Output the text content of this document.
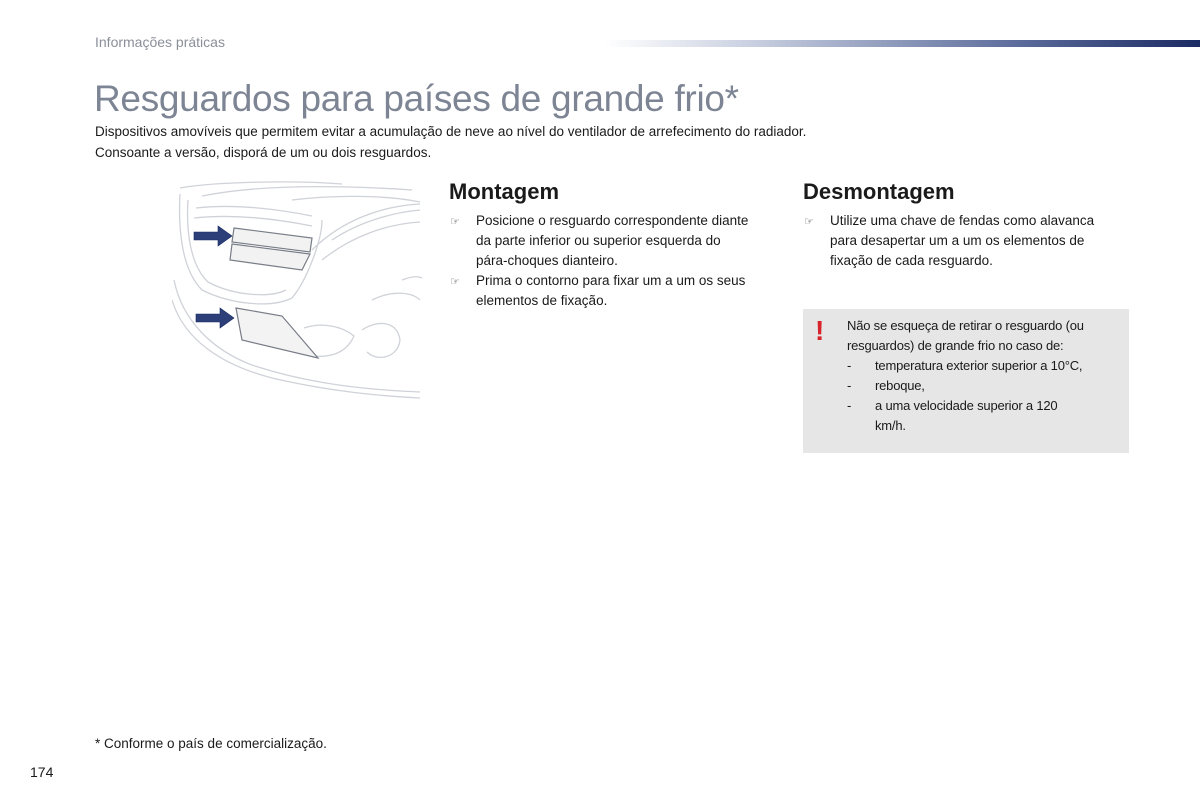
Informações práticas
Resguardos para países de grande frio*
Dispositivos amovíveis que permitem evitar a acumulação de neve ao nível do ventilador de arrefecimento do radiador.
Consoante a versão, disporá de um ou dois resguardos.
Montagem
☞	Posicione o resguardo correspondente diante da parte inferior ou superior esquerda do pára-choques dianteiro.
☞	Prima o contorno para fixar um a um os seus elementos de fixação.
Desmontagem
☞	Utilize uma chave de fendas como alavanca para desapertar um a um os elementos de fixação de cada resguardo.
! Não se esqueça de retirar o resguardo (ou resguardos) de grande frio no caso de:
-	temperatura exterior superior a 10°C,
-	reboque,
-	a uma velocidade superior a 120 km/h.
* Conforme o país de comercialização.
174
